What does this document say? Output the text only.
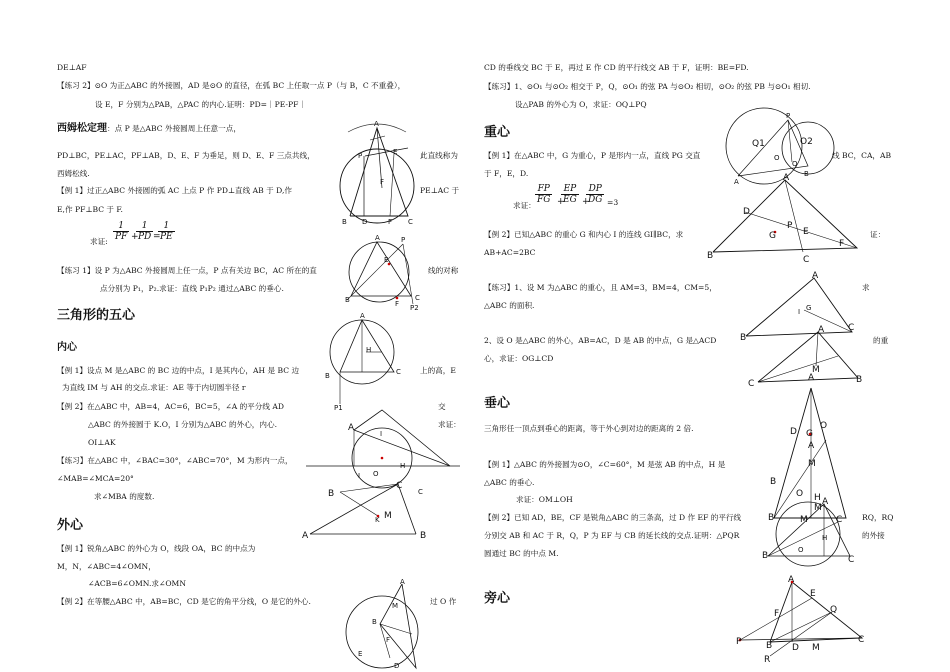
DE⊥AF
【练习 2】⊙O 为正△ABC 的外接圆，AD 是⊙O 的直径，在弧 BC 上任取一点 P（与 B，C 不重叠），
设 E，F 分别为△PAB，△PAC 的内心.证明：PD=｜PE-PF｜
西姆松定理：点 P 是△ABC 外接圆周上任意一点，
PD⊥BC，PE⊥AC，PF⊥AB，D、E、F 为垂足，则 D、E、F 三点共线，	此直线称为
西姆松线.
【例 1】过正△ABC 外接圆的弧 AC 上点 P 作 PD⊥直线 AB 于 D,作	PE⊥AC 于
E,作 PF⊥BC 于 F.
求证: $\frac{1}{PF}$ +
$\frac{1}{PD}$ =
$\frac{1}{PE}$
【练习 1】设 P 为△ABC 外接圆周上任一点，P 点有关边 BC，AC 所在的直	线的对称
点分别为 P₁，P₂.求证：直线 P₁P₂ 通过△ABC 的垂心.
三角形的五心
内心
【例 1】设点 M 是△ABC 的 BC 边的中点，I 是其内心，AH 是 BC 边	上的高，E
为直线 IM 与 AH 的交点.求证：AE 等于内切圆半径 r
【例 2】在△ABC 中，AB=4，AC=6，BC=5，∠A 的平分线 AD	交
△ABC 的外接圆于 K.O，I 分别为△ABC 的外心，内心.	求证：
OI⊥AK
【练习】在△ABC 中，∠BAC=30°，∠ABC=70°，M 为形内一点，
∠MAB=∠MCA=20°
求∠MBA 的度数.
外心
【例 1】锐角△ABC 的外心为 O，线段 OA，BC 的中点为
M，N，∠ABC=4∠OMN，
∠ACB=6∠OMN.求∠OMN
【例 2】在等腰△ABC 中，AB=BC，CD 是它的角平分线，O 是它的外心.	过 O 作
CD 的垂线交 BC 于 E，再过 E 作 CD 的平行线交 AB 于 F，证明：BE=FD.
【练习】1、⊙O₁ 与⊙O₂ 相交于 P，Q，⊙O₁ 的弦 PA 与⊙O₂ 相切，⊙O₂ 的弦 PB 与⊙O₁ 相切.
设△PAB 的外心为 O，求证：OQ⊥PQ
重心
【例 1】在△ABC 中，G 为重心，P 是形内一点，直线 PG 交直	线 BC，CA，AB
于 F，E，D.
求证：
$\frac{FP}{FG}$ +
$\frac{EP}{EG}$ +
$\frac{DP}{DG} =3$
【例 2】已知△ABC 的重心 G 和内心 I 的连线 GI∥BC，求	证：
AB+AC=2BC
【练习】1、设 M 为△ABC 的重心，且 AM=3，BM=4，CM=5，	求
△ABC 的面积.
2、设 O 是△ABC 的外心，AB=AC，D 是 AB 的中点，G 是△ACD	的重
心，求证：OG⊥CD
垂心
三角形任一顶点到垂心的距离，等于外心到对边的距离的 2 倍.
【例 1】△ABC 的外接圆为⊙O，∠C=60°，M 是弦 AB 的中点，H 是
△ABC 的垂心.
求证：OM⊥OH
【例 2】已知 AD，BE，CF 是锐角△ABC 的三条高，过 D 作 EF 的平行线	RQ，RQ
分别交 AB 和 AC 于 R，Q，P 为 EF 与 CB 的延长线的交点.证明：△PQR	的外接
圆通过 BC 的中点 M.
旁心
A
P	E
F
B D	F C
A	P
E
B	F
C
P2
A
H
B	C
P1
A
I
O
I
H
C
B
C
M
K
A	B
A
M
B
F
E
D
Q1	O2
P
O
Q
A
B
A
D
P
G	E
F
B	C
A
G
I
A	C
B
M
C
A	B
D G
O
A
M
B
O H
M
A
M	C
B
O
H
B	C
A
E
F	Q
P	B D M
C
R
